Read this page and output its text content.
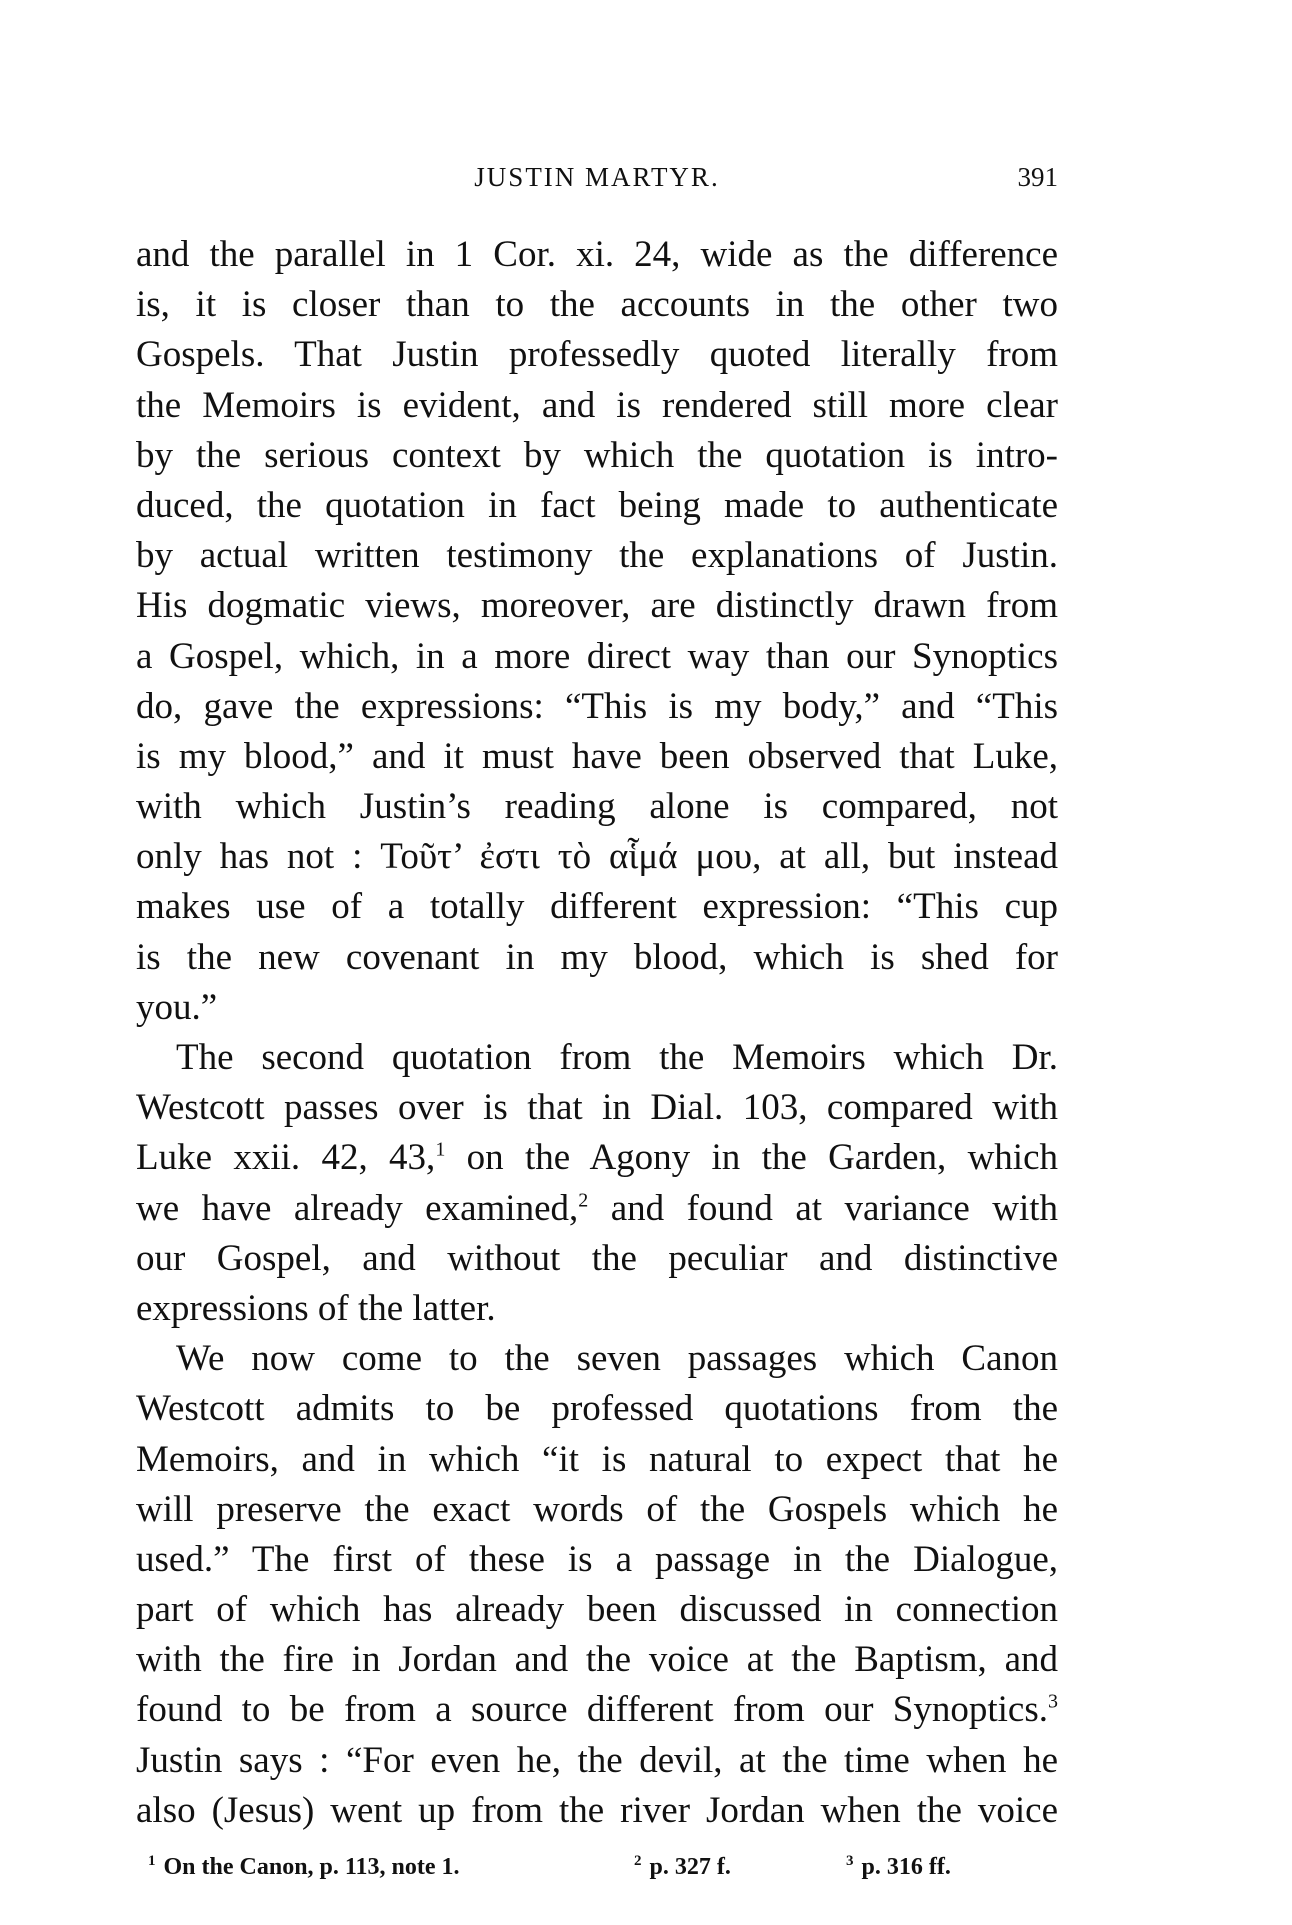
JUSTIN MARTYR.	391
and the parallel in 1 Cor. xi. 24, wide as the difference
is, it is closer than to the accounts in the other two
Gospels. That Justin professedly quoted literally from
the Memoirs is evident, and is rendered still more clear
by the serious context by which the quotation is intro-
duced, the quotation in fact being made to authenticate
by actual written testimony the explanations of Justin.
His dogmatic views, moreover, are distinctly drawn from
a Gospel, which, in a more direct way than our Synoptics
do, gave the expressions: “This is my body,” and “This
is my blood,” and it must have been observed that Luke,
with which Justin’s reading alone is compared, not
only has not : Τοῦτ’ ἐστι τὸ αἷμά μου, at all, but instead
makes use of a totally different expression: “This cup
is the new covenant in my blood, which is shed for
you.”
The second quotation from the Memoirs which Dr.
Westcott passes over is that in Dial. 103, compared with
Luke xxii. 42, 43,$^1$ on the Agony in the Garden, which
we have already examined,$^2$ and found at variance with
our Gospel, and without the peculiar and distinctive
expressions of the latter.
We now come to the seven passages which Canon
Westcott admits to be professed quotations from the
Memoirs, and in which “it is natural to expect that he
will preserve the exact words of the Gospels which he
used.” The first of these is a passage in the Dialogue,
part of which has already been discussed in connection
with the fire in Jordan and the voice at the Baptism, and
found to be from a source different from our Synoptics.$^3$
Justin says : “For even he, the devil, at the time when he
also (Jesus) went up from the river Jordan when the voice
$^1$ On the Canon, p. 113, note 1.	$^2$ p. 327 f.	$^3$ p. 316 ff.
